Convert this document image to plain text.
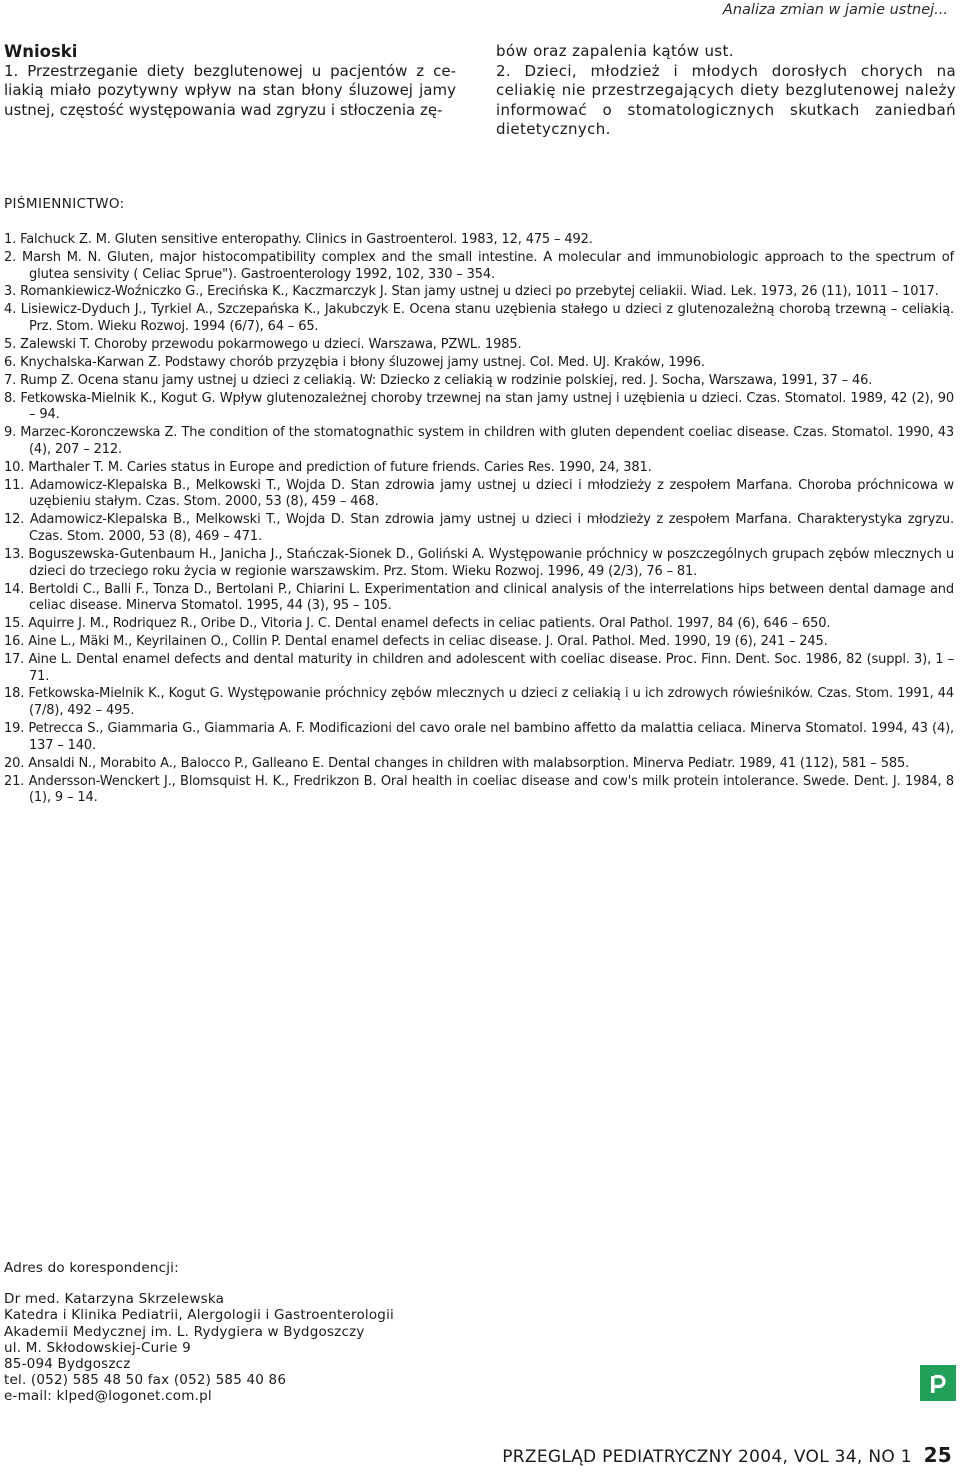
Analiza zmian w jamie ustnej...

Wnioski

1. Przestrzeganie diety bezglutenowej u pacjentów z ce- liakią miało pozytywny wpływ na stan błony śluzowej jamy ustnej, częstość występowania wad zgryzu i stłoczenia zę-

bów oraz zapalenia kątów ust.

2. Dzieci, młodzież i młodych dorosłych chorych na celiakię nie przestrzegających diety bezglutenowej należy informować o stomatologicznych skutkach zaniedbań dietetycznych.

PIŚMIENNICTWO:
1. Falchuck Z. M. Gluten sensitive enteropathy. Clinics in Gastroenterol. 1983, 12, 475 – 492.
2. Marsh M. N. Gluten, major histocompatibility complex and the small intestine. A molecular and immunobiologic approach to the spectrum of glutea sensivity ( Celiac Sprue"). Gastroenterology 1992, 102, 330 – 354.
3. Romankiewicz-Woźniczko G., Erecińska K., Kaczmarczyk J. Stan jamy ustnej u dzieci po przebytej celiakii. Wiad. Lek. 1973, 26 (11), 1011 – 1017.
4. Lisiewicz-Dyduch J., Tyrkiel A., Szczepańska K., Jakubczyk E. Ocena stanu uzębienia stałego u dzieci z glutenozależną chorobą trzewną – celiakią. Prz. Stom. Wieku Rozwoj. 1994 (6/7), 64 – 65.
5. Zalewski T. Choroby przewodu pokarmowego u dzieci. Warszawa, PZWL. 1985.
6. Knychalska-Karwan Z. Podstawy chorób przyzębia i błony śluzowej jamy ustnej. Col. Med. UJ. Kraków, 1996.
7. Rump Z. Ocena stanu jamy ustnej u dzieci z celiakią. W: Dziecko z celiakią w rodzinie polskiej, red. J. Socha, Warszawa, 1991, 37 – 46.
8. Fetkowska-Mielnik K., Kogut G. Wpływ glutenozależnej choroby trzewnej na stan jamy ustnej i uzębienia u dzieci. Czas. Stomatol. 1989, 42 (2), 90 – 94.
9. Marzec-Koronczewska Z. The condition of the stomatognathic system in children with gluten dependent coeliac disease. Czas. Stomatol. 1990, 43 (4), 207 – 212.
10. Marthaler T. M. Caries status in Europe and prediction of future friends. Caries Res. 1990, 24, 381.
11. Adamowicz-Klepalska B., Melkowski T., Wojda D. Stan zdrowia jamy ustnej u dzieci i młodzieży z zespołem Marfana. Choroba próchnicowa w uzębieniu stałym. Czas. Stom. 2000, 53 (8), 459 – 468.
12. Adamowicz-Klepalska B., Melkowski T., Wojda D. Stan zdrowia jamy ustnej u dzieci i młodzieży z zespołem Marfana. Charakterystyka zgryzu. Czas. Stom. 2000, 53 (8), 469 – 471.
13. Boguszewska-Gutenbaum H., Janicha J., Stańczak-Sionek D., Goliński A. Występowanie próchnicy w poszczególnych grupach zębów mlecznych u dzieci do trzeciego roku życia w regionie warszawskim. Prz. Stom. Wieku Rozwoj. 1996, 49 (2/3), 76 – 81.
14. Bertoldi C., Balli F., Tonza D., Bertolani P., Chiarini L. Experimentation and clinical analysis of the interrelations hips between dental damage and celiac disease. Minerva Stomatol. 1995, 44 (3), 95 – 105.
15. Aquirre J. M., Rodriquez R., Oribe D., Vitoria J. C. Dental enamel defects in celiac patients. Oral Pathol. 1997, 84 (6), 646 – 650.
16. Aine L., Mäki M., Keyrilainen O., Collin P. Dental enamel defects in celiac disease. J. Oral. Pathol. Med. 1990, 19 (6), 241 – 245.
17. Aine L. Dental enamel defects and dental maturity in children and adolescent with coeliac disease. Proc. Finn. Dent. Soc. 1986, 82 (suppl. 3), 1 – 71.
18. Fetkowska-Mielnik K., Kogut G. Występowanie próchnicy zębów mlecznych u dzieci z celiakią i u ich zdrowych rówieśników. Czas. Stom. 1991, 44 (7/8), 492 – 495.
19. Petrecca S., Giammaria G., Giammaria A. F. Modificazioni del cavo orale nel bambino affetto da malattia celiaca. Minerva Stomatol. 1994, 43 (4), 137 – 140.
20. Ansaldi N., Morabito A., Balocco P., Galleano E. Dental changes in children with malabsorption. Minerva Pediatr. 1989, 41 (112), 581 – 585.
21. Andersson-Wenckert J., Blomsquist H. K., Fredrikzon B. Oral health in coeliac disease and cow's milk protein intolerance. Swede. Dent. J. 1984, 8 (1), 9 – 14.
Adres do korespondencji:
Dr med. Katarzyna Skrzelewska
Katedra i Klinika Pediatrii, Alergologii i Gastroenterologii
Akademii Medycznej im. L. Rydygiera w Bydgoszczy
ul. M. Skłodowskiej-Curie 9
85-094 Bydgoszcz
tel. (052) 585 48 50 fax (052) 585 40 86
e-mail: klped@logonet.com.pl
PRZEGLĄD PEDIATRYCZNY 2004, VOL 34, NO 1 25
